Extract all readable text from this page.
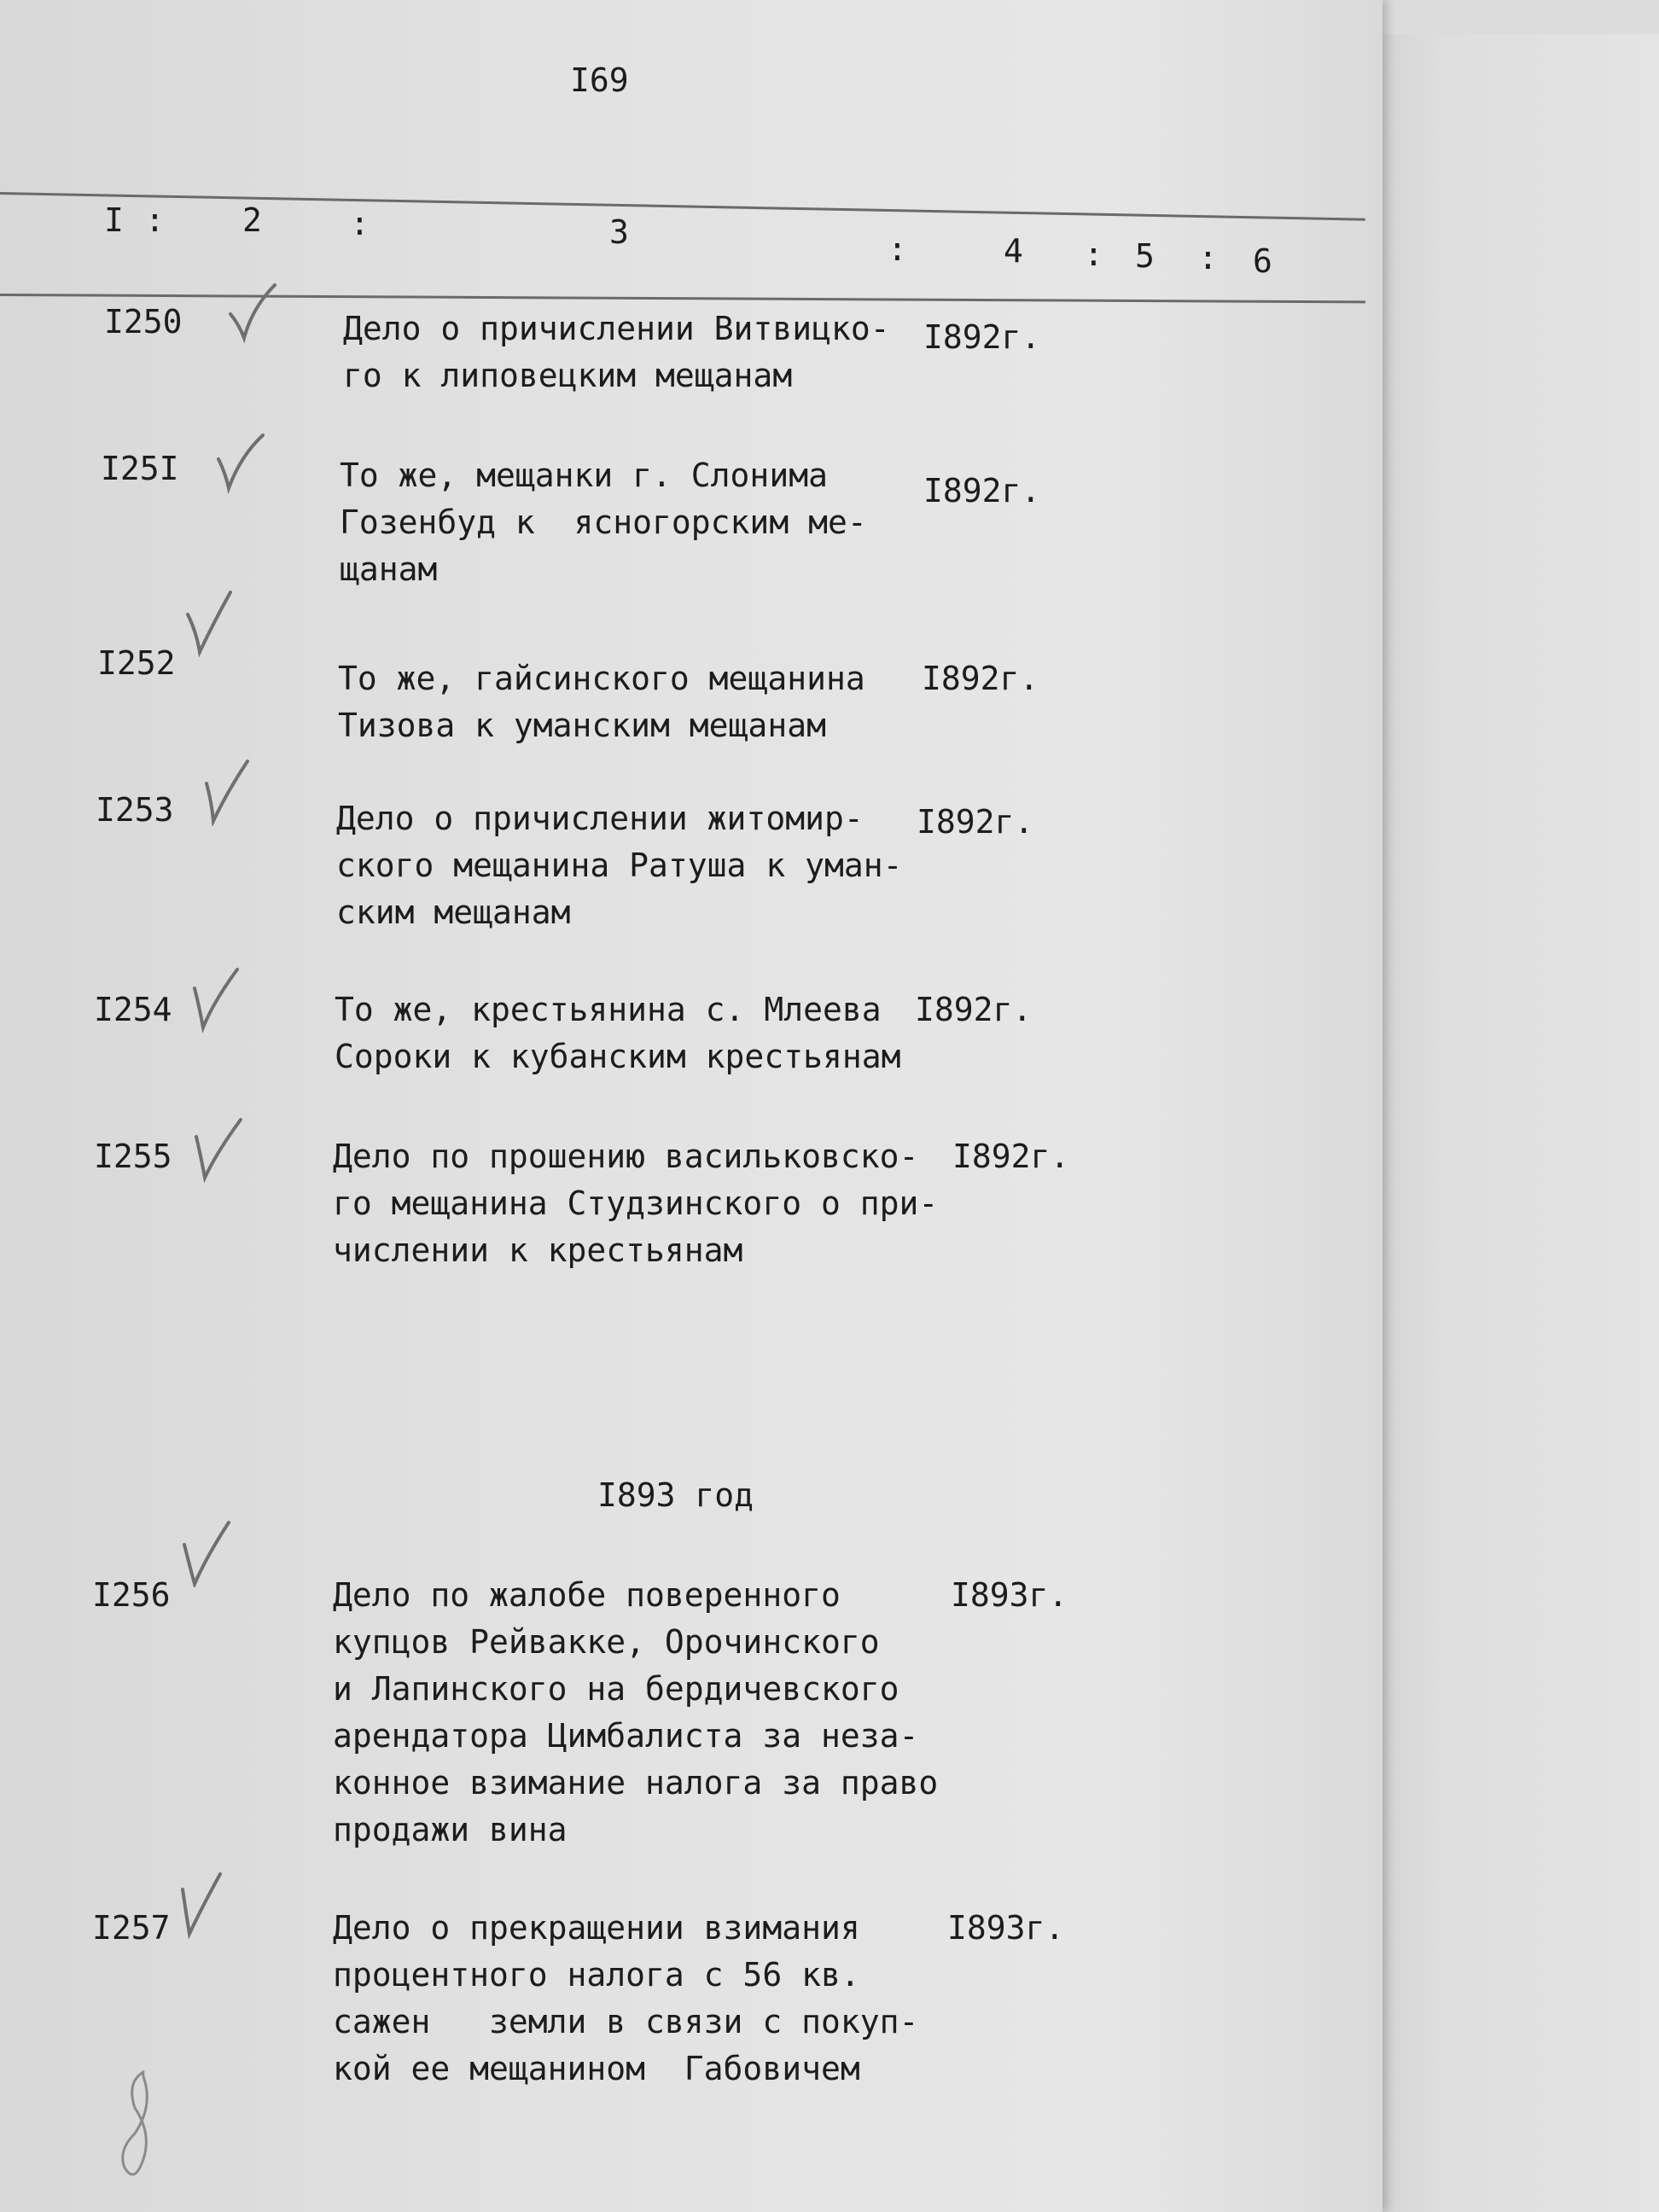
I69
I : 2	:	3	:	4 : 5 : 6
I250	Дело о причислении Витвицко-
го к липовецким мещанам
I892г.
I25I	То же, мещанки г. Слонима
Гозенбуд к  ясногорским ме-
щанам
I892г.
I252	То же, гайсинского мещанина
Тизова к уманским мещанам
I892г.
I253	Дело о причислении житомир-
ского мещанина Ратуша к уман-
ским мещанам
I892г.
I254	То же, крестьянина с. Млеева
Сороки к кубанским крестьянам
I892г.
I255	Дело по прошению васильковско-
го мещанина Студзинского о при-
числении к крестьянам
I892г.
I893 год
I256	Дело по жалобе поверенного
купцов Рейвакке, Орочинского
и Лапинского на бердичевского
арендатора Цимбалиста за неза-
конное взимание налога за право
продажи вина
I893г.
I257	Дело о прекращении взимания
процентного налога с 56 кв.
сажен   земли в связи с покуп-
кой ее мещанином  Габовичем
I893г.
